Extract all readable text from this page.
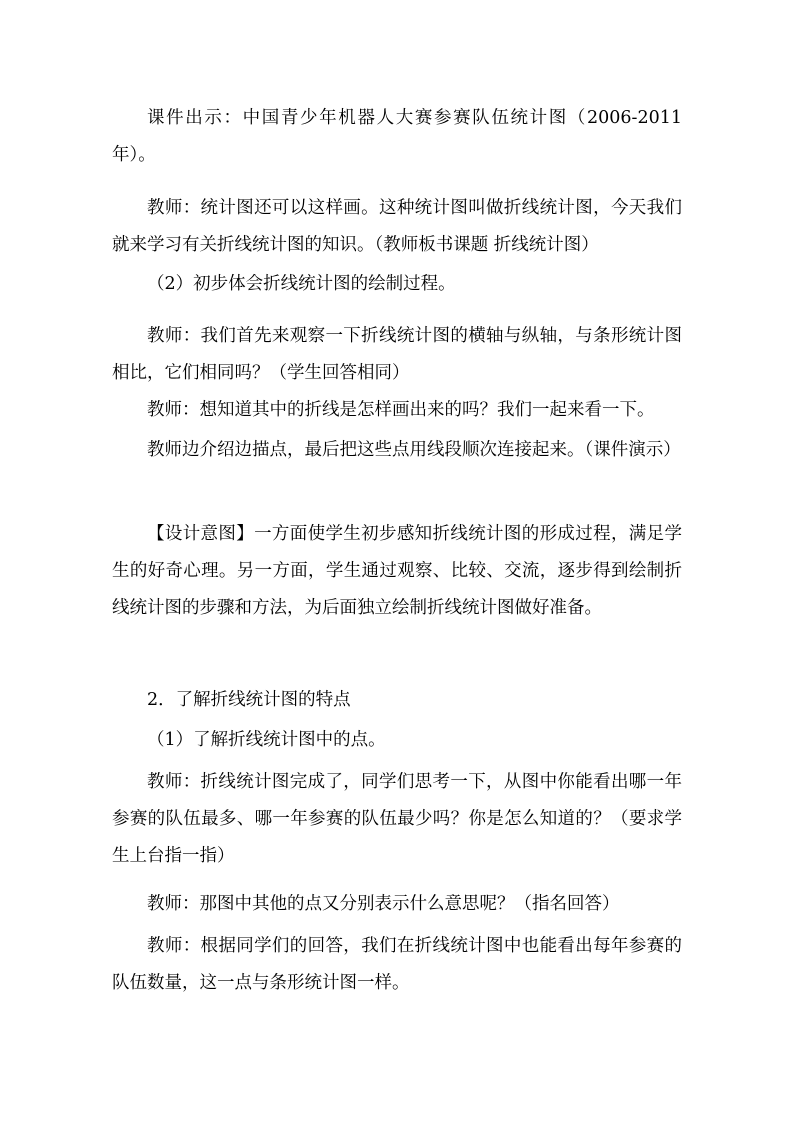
课件出示：中国青少年机器人大赛参赛队伍统计图（2006-2011年）。

教师：统计图还可以这样画。这种统计图叫做折线统计图，今天我们就来学习有关折线统计图的知识。（教师板书课题 折线统计图）

（2）初步体会折线统计图的绘制过程。

教师：我们首先来观察一下折线统计图的横轴与纵轴，与条形统计图相比，它们相同吗？（学生回答相同）

教师：想知道其中的折线是怎样画出来的吗？我们一起来看一下。

教师边介绍边描点，最后把这些点用线段顺次连接起来。（课件演示）

【设计意图】一方面使学生初步感知折线统计图的形成过程，满足学生的好奇心理。另一方面，学生通过观察、比较、交流，逐步得到绘制折线统计图的步骤和方法，为后面独立绘制折线统计图做好准备。

2．了解折线统计图的特点

（1）了解折线统计图中的点。

教师：折线统计图完成了，同学们思考一下，从图中你能看出哪一年参赛的队伍最多、哪一年参赛的队伍最少吗？你是怎么知道的？（要求学生上台指一指）

教师：那图中其他的点又分别表示什么意思呢？（指名回答）

教师：根据同学们的回答，我们在折线统计图中也能看出每年参赛的队伍数量，这一点与条形统计图一样。
